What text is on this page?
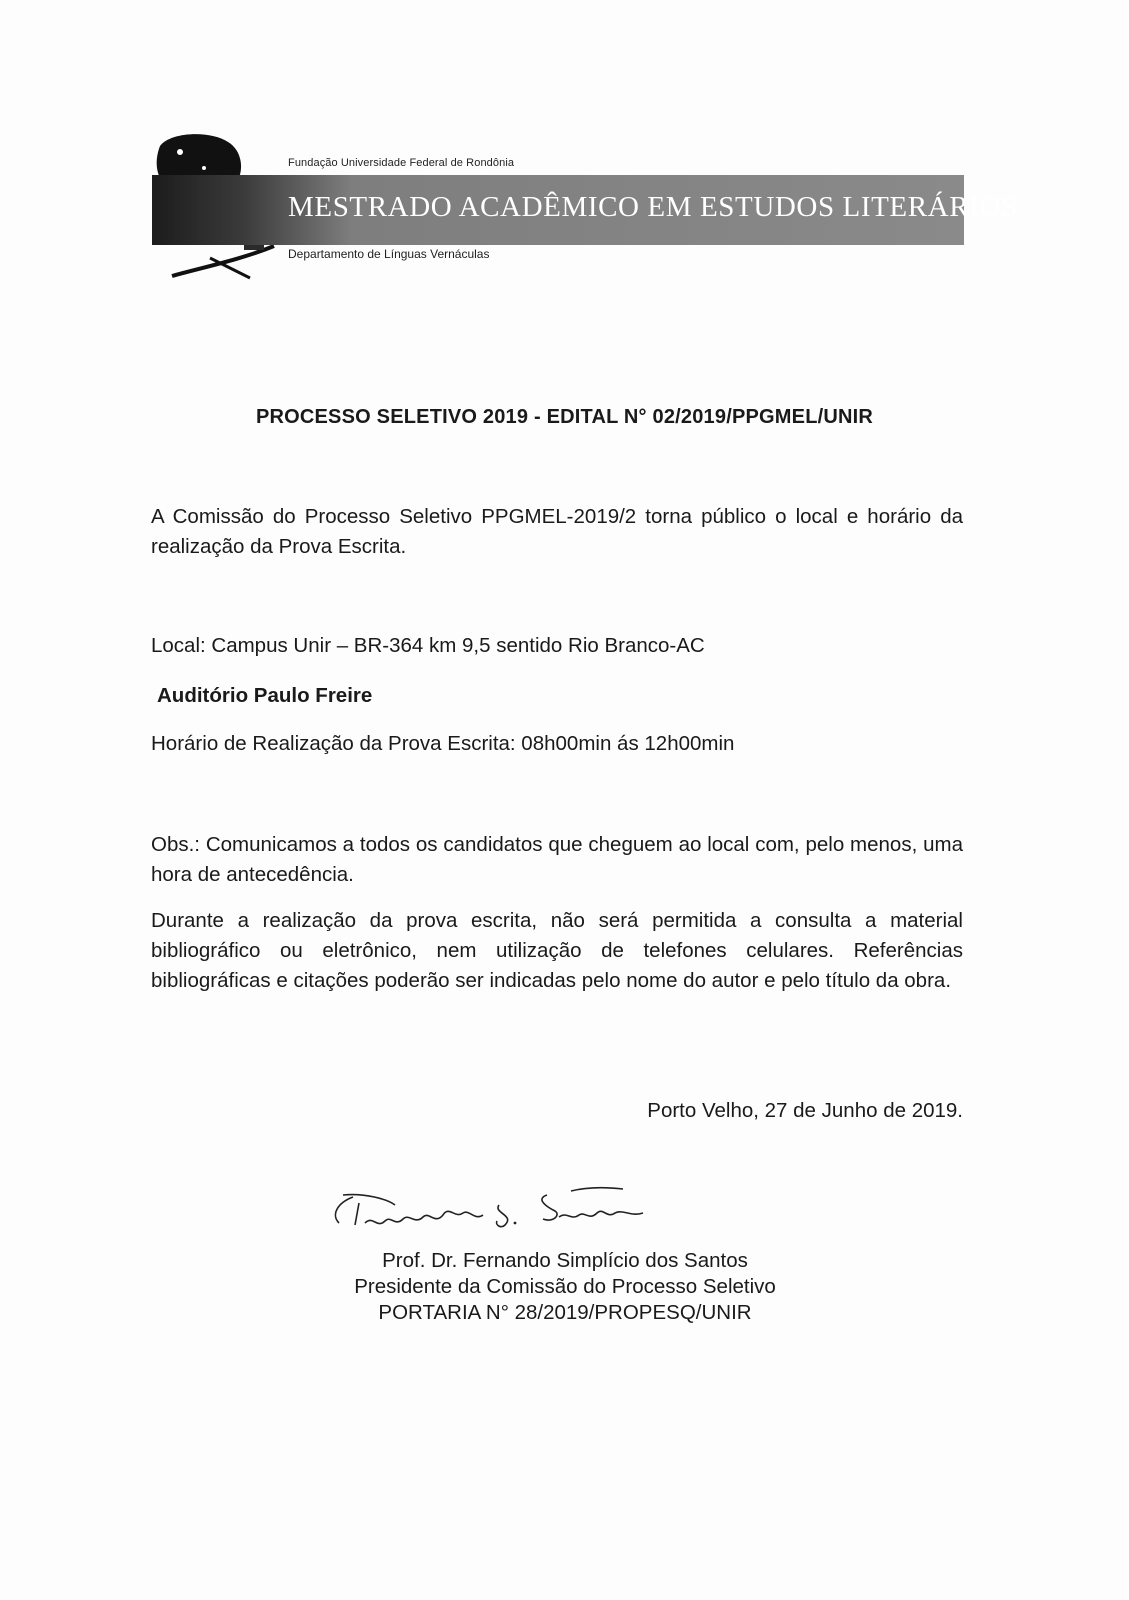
Fundação Universidade Federal de Rondônia
MESTRADO ACADÊMICO EM ESTUDOS LITERÁRIOS
Departamento de Línguas Vernáculas
PROCESSO SELETIVO 2019 - EDITAL N° 02/2019/PPGMEL/UNIR
A Comissão do Processo Seletivo PPGMEL-2019/2 torna público o local e horário da realização da Prova Escrita.
Local: Campus Unir – BR-364 km 9,5 sentido Rio Branco-AC
Auditório Paulo Freire
Horário de Realização da Prova Escrita: 08h00min ás 12h00min
Obs.: Comunicamos a todos os candidatos que cheguem ao local com, pelo menos, uma hora de antecedência.
Durante a realização da prova escrita, não será permitida a consulta a material bibliográfico ou eletrônico, nem utilização de telefones celulares. Referências bibliográficas e citações poderão ser indicadas pelo nome do autor e pelo título da obra.
Porto Velho, 27 de Junho de 2019.
Prof. Dr. Fernando Simplício dos Santos
Presidente da Comissão do Processo Seletivo
PORTARIA N° 28/2019/PROPESQ/UNIR
